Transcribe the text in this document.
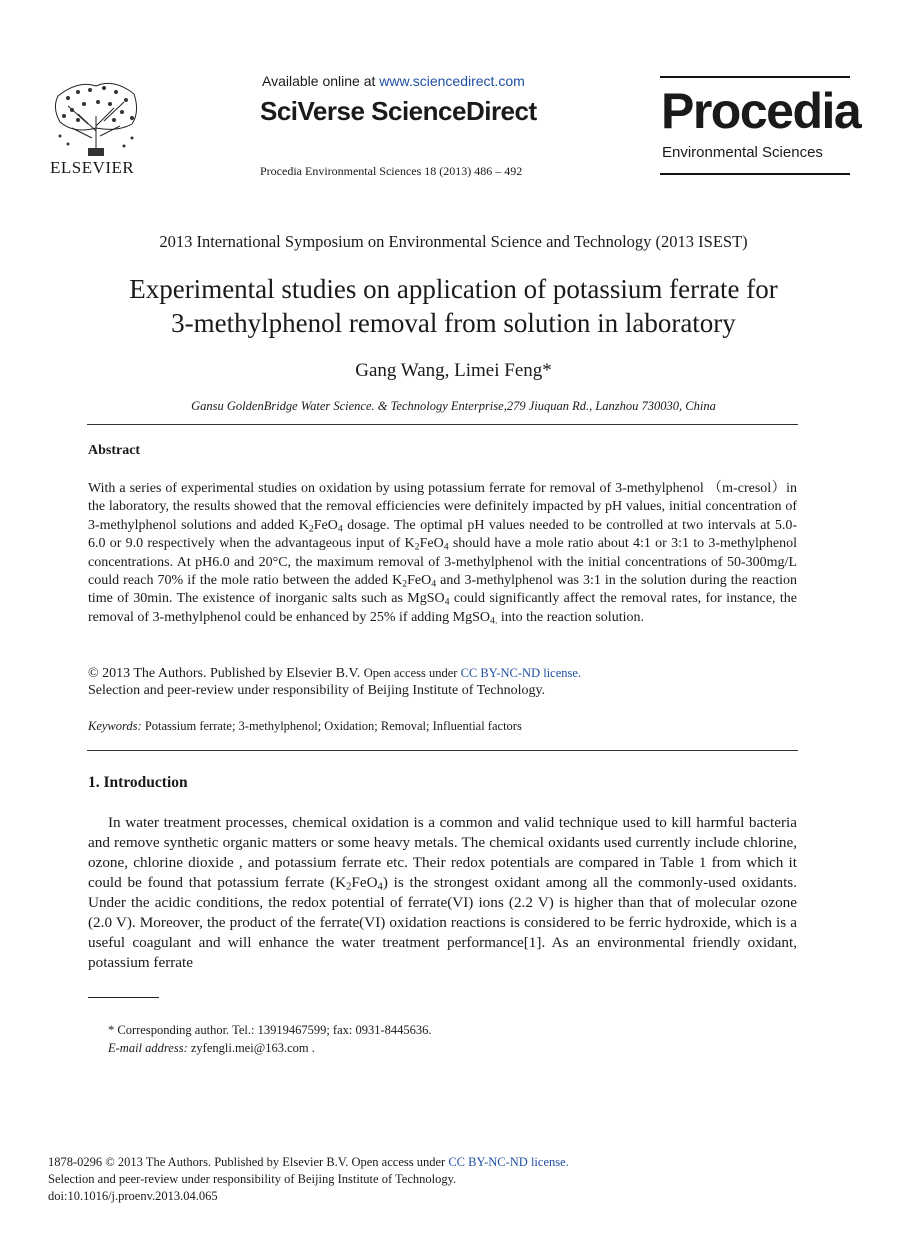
ELSEVIER
Available online at www.sciencedirect.com
SciVerse ScienceDirect
Procedia Environmental Sciences 18 (2013) 486 – 492
Procedia
Environmental Sciences
2013 International Symposium on Environmental Science and Technology (2013 ISEST)
Experimental studies on application of potassium ferrate for
3-methylphenol removal from solution in laboratory
Gang Wang, Limei Feng*
Gansu GoldenBridge Water Science. & Technology Enterprise,279 Jiuquan Rd., Lanzhou 730030, China
Abstract
With a series of experimental studies on oxidation by using potassium ferrate for removal of 3-methylphenol （m-cresol）in the laboratory, the results showed that the removal efficiencies were definitely impacted by pH values, initial concentration of 3-methylphenol solutions and added $K_2FeO_4$ dosage. The optimal pH values needed to be controlled at two intervals at 5.0-6.0 or 9.0 respectively when the advantageous input of $K_2FeO_4$ should have a mole ratio about 4:1 or 3:1 to 3-methylphenol concentrations. At pH6.0 and 20°C, the maximum removal of 3-methylphenol with the initial concentrations of 50-300mg/L could reach 70% if the mole ratio between the added $K_2FeO_4$ and 3-methylphenol was 3:1 in the solution during the reaction time of 30min. The existence of inorganic salts such as MgSO$_4$ could significantly affect the removal rates, for instance, the removal of 3-methylphenol could be enhanced by 25% if adding MgSO$_{4.}$ into the reaction solution.
© 2013 The Authors. Published by Elsevier B.V. Open access under CC BY-NC-ND license.
Selection and peer-review under responsibility of Beijing Institute of Technology.
Keywords: Potassium ferrate; 3-methylphenol; Oxidation; Removal; Influential factors
1. Introduction
In water treatment processes, chemical oxidation is a common and valid technique used to kill harmful bacteria and remove synthetic organic matters or some heavy metals. The chemical oxidants used currently include chlorine, ozone, chlorine dioxide , and potassium ferrate etc. Their redox potentials are compared in Table 1 from which it could be found that potassium ferrate $(K_2FeO_4)$ is the strongest oxidant among all the commonly-used oxidants. Under the acidic conditions, the redox potential of ferrate(VI) ions (2.2 V) is higher than that of molecular ozone (2.0 V). Moreover, the product of the ferrate(VI) oxidation reactions is considered to be ferric hydroxide, which is a useful coagulant and will enhance the water treatment performance[1]. As an environmental friendly oxidant, potassium ferrate
* Corresponding author. Tel.: 13919467599; fax: 0931-8445636.
E-mail address: zyfengli.mei@163.com .
1878-0296 © 2013 The Authors. Published by Elsevier B.V. Open access under CC BY-NC-ND license.
Selection and peer-review under responsibility of Beijing Institute of Technology.
doi:10.1016/j.proenv.2013.04.065
